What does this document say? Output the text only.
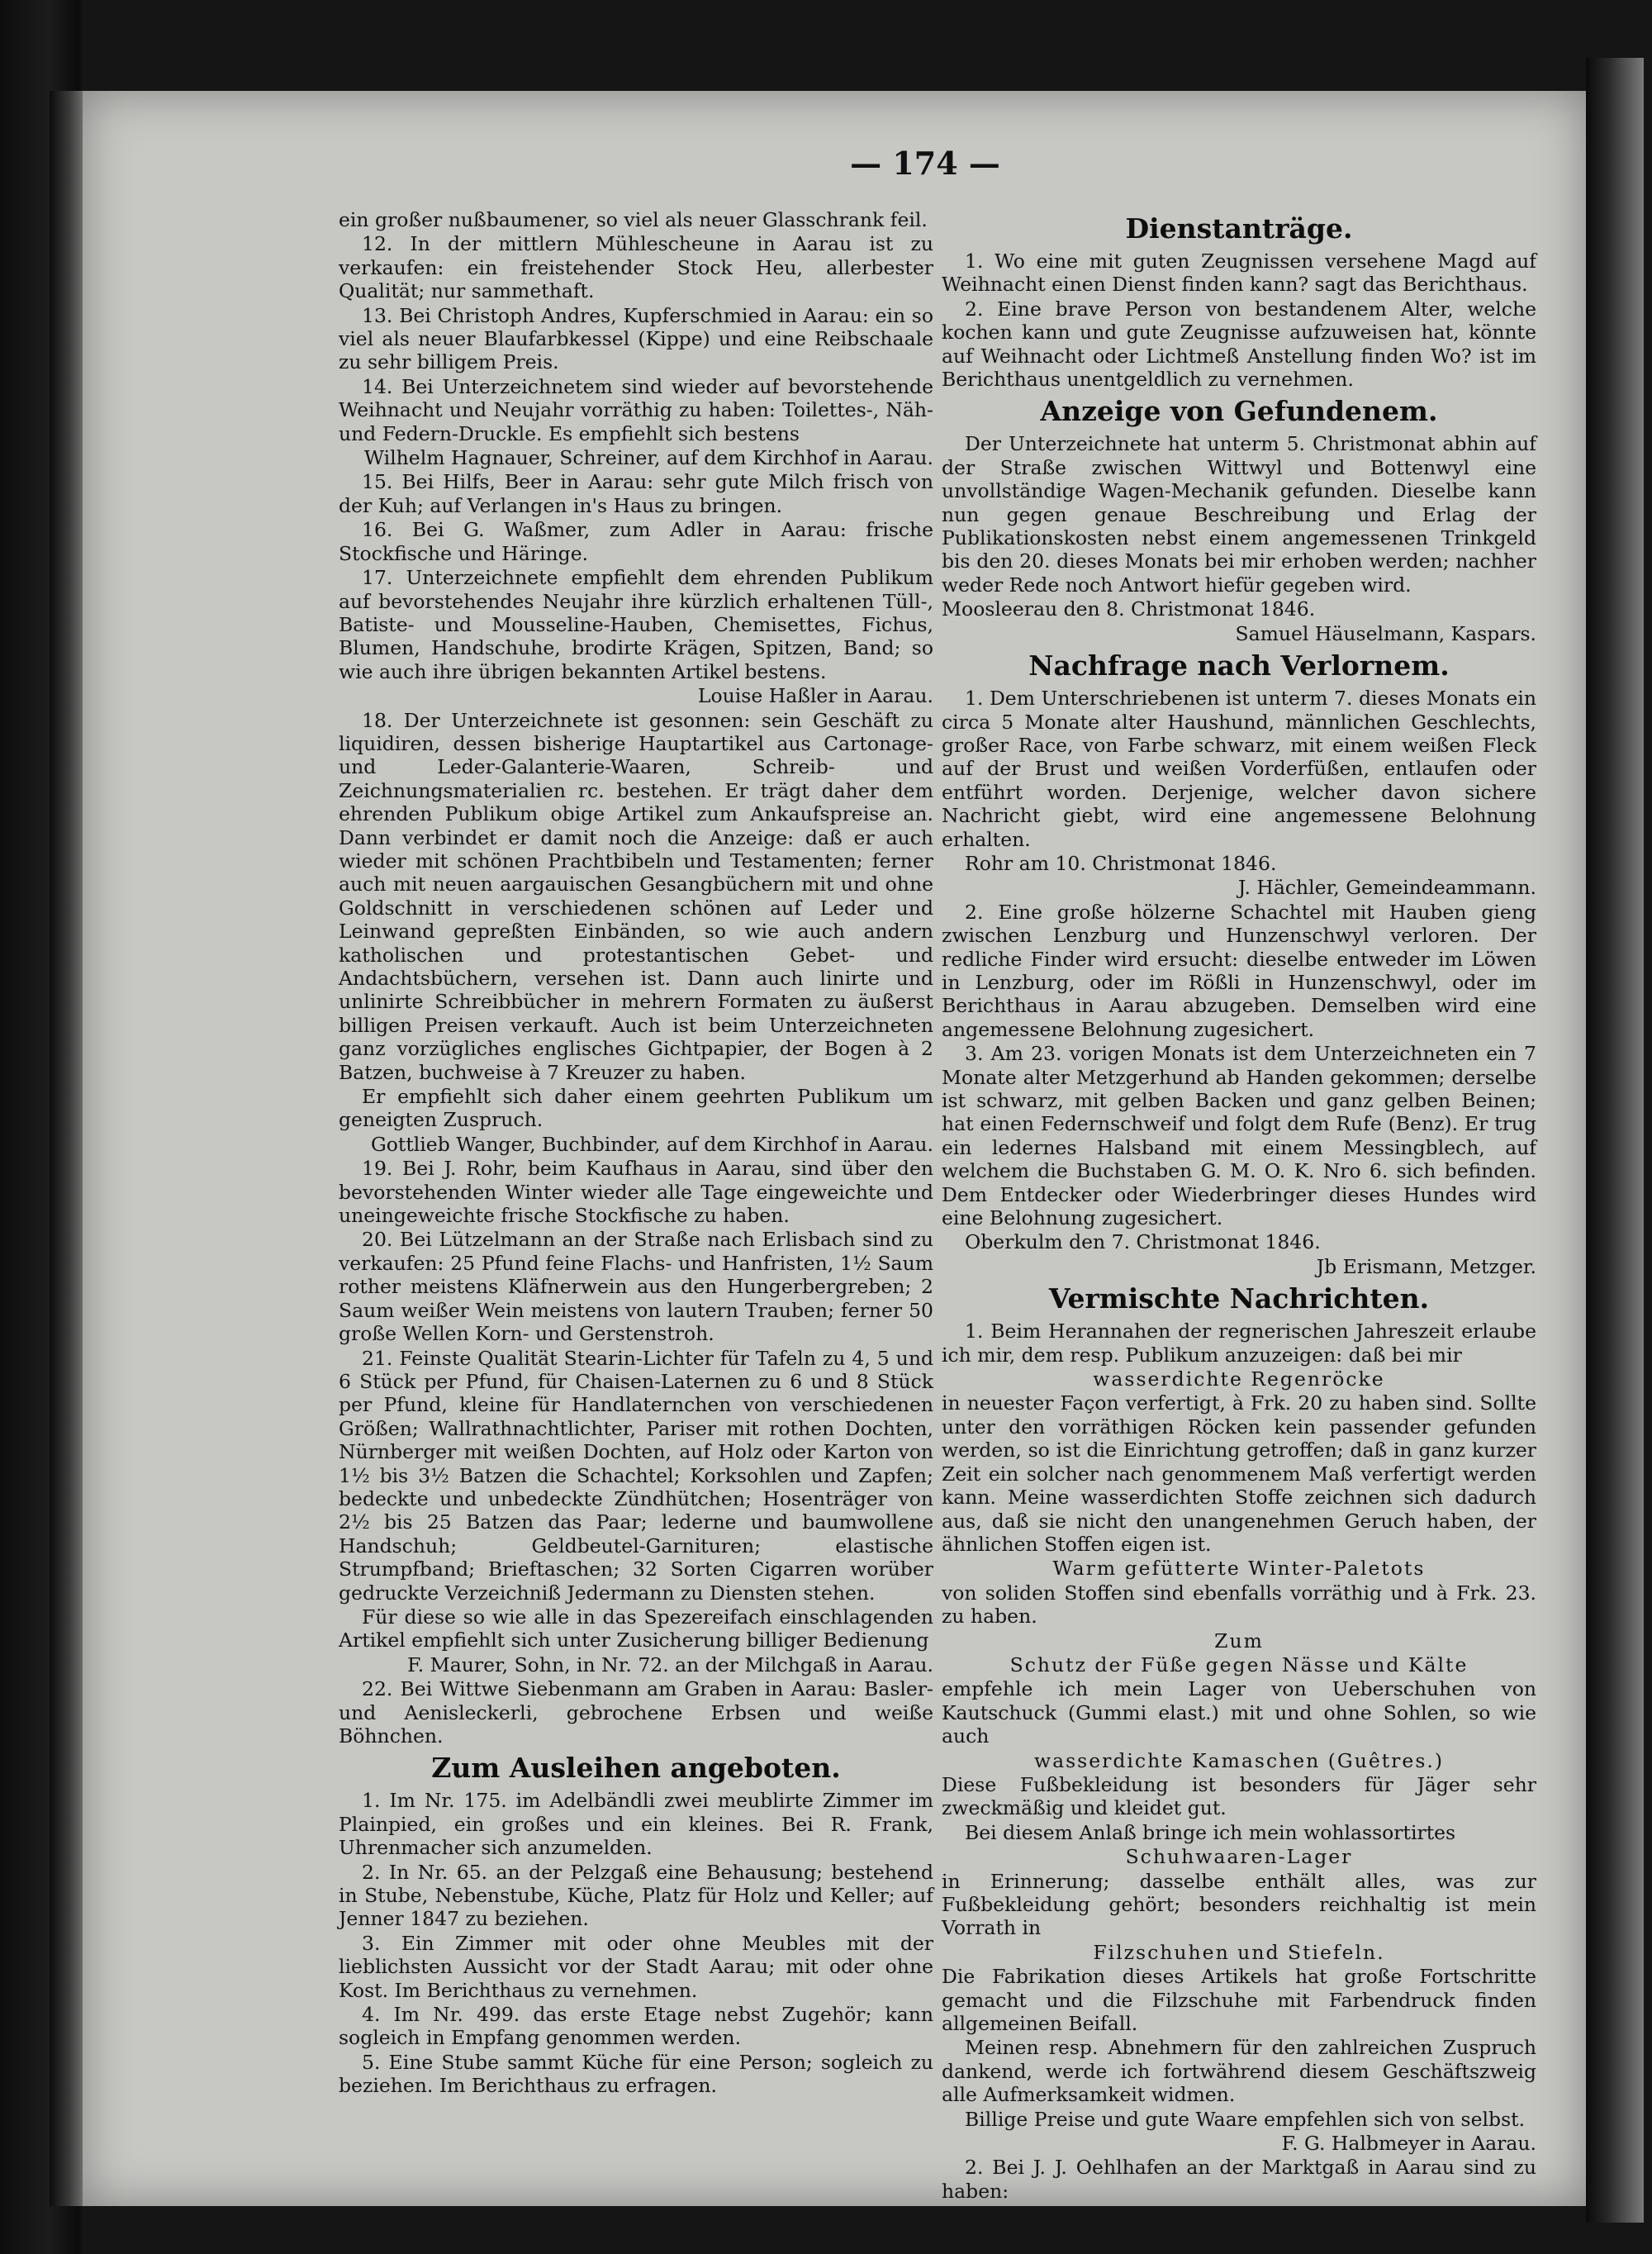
— 174 —

ein großer nußbaumener, so viel als neuer Glasschrank feil.

12. In der mittlern Mühlescheune in Aarau ist zu verkaufen: ein freistehender Stock Heu, allerbester Qualität; nur sammethaft.

13. Bei Christoph Andres, Kupferschmied in Aarau: ein so viel als neuer Blaufarbkessel (Kippe) und eine Reibschaale zu sehr billigem Preis.

14. Bei Unterzeichnetem sind wieder auf bevorstehende Weihnacht und Neujahr vorräthig zu haben: Toilettes-, Näh- und Federn-Druckle. Es empfiehlt sich bestens

Wilhelm Hagnauer, Schreiner, auf dem Kirchhof in Aarau.

15. Bei Hilfs, Beer in Aarau: sehr gute Milch frisch von der Kuh; auf Verlangen in's Haus zu bringen.

16. Bei G. Waßmer, zum Adler in Aarau: frische Stockfische und Häringe.

17. Unterzeichnete empfiehlt dem ehrenden Publikum auf bevorstehendes Neujahr ihre kürzlich erhaltenen Tüll-, Batiste- und Mousseline-Hauben, Chemisettes, Fichus, Blumen, Handschuhe, brodirte Krägen, Spitzen, Band; so wie auch ihre übrigen bekannten Artikel bestens.

Louise Haßler in Aarau.

18. Der Unterzeichnete ist gesonnen: sein Geschäft zu liquidiren, dessen bisherige Hauptartikel aus Cartonage- und Leder-Galanterie-Waaren, Schreib- und Zeichnungsmaterialien rc. bestehen. Er trägt daher dem ehrenden Publikum obige Artikel zum Ankaufspreise an. Dann verbindet er damit noch die Anzeige: daß er auch wieder mit schönen Prachtbibeln und Testamenten; ferner auch mit neuen aargauischen Gesangbüchern mit und ohne Goldschnitt in verschiedenen schönen auf Leder und Leinwand gepreßten Einbänden, so wie auch andern katholischen und protestantischen Gebet- und Andachtsbüchern, versehen ist. Dann auch linirte und unlinirte Schreibbücher in mehrern Formaten zu äußerst billigen Preisen verkauft. Auch ist beim Unterzeichneten ganz vorzügliches englisches Gichtpapier, der Bogen à 2 Batzen, buchweise à 7 Kreuzer zu haben.

Er empfiehlt sich daher einem geehrten Publikum um geneigten Zuspruch.

Gottlieb Wanger, Buchbinder, auf dem Kirchhof in Aarau.

19. Bei J. Rohr, beim Kaufhaus in Aarau, sind über den bevorstehenden Winter wieder alle Tage eingeweichte und uneingeweichte frische Stockfische zu haben.

20. Bei Lützelmann an der Straße nach Erlisbach sind zu verkaufen: 25 Pfund feine Flachs- und Hanfristen, 1½ Saum rother meistens Kläfnerwein aus den Hungerbergreben; 2 Saum weißer Wein meistens von lautern Trauben; ferner 50 große Wellen Korn- und Gerstenstroh.

21. Feinste Qualität Stearin-Lichter für Tafeln zu 4, 5 und 6 Stück per Pfund, für Chaisen-Laternen zu 6 und 8 Stück per Pfund, kleine für Handlaternchen von verschiedenen Größen; Wallrathnachtlichter, Pariser mit rothen Dochten, Nürnberger mit weißen Dochten, auf Holz oder Karton von 1½ bis 3½ Batzen die Schachtel; Korksohlen und Zapfen; bedeckte und unbedeckte Zündhütchen; Hosenträger von 2½ bis 25 Batzen das Paar; lederne und baumwollene Handschuh; Geldbeutel-Garnituren; elastische Strumpfband; Brieftaschen; 32 Sorten Cigarren worüber gedruckte Verzeichniß Jedermann zu Diensten stehen.

Für diese so wie alle in das Spezereifach einschlagenden Artikel empfiehlt sich unter Zusicherung billiger Bedienung

F. Maurer, Sohn, in Nr. 72. an der Milchgaß in Aarau.

22. Bei Wittwe Siebenmann am Graben in Aarau: Basler- und Aenisleckerli, gebrochene Erbsen und weiße Böhnchen.

Zum Ausleihen angeboten.

1. Im Nr. 175. im Adelbändli zwei meublirte Zimmer im Plainpied, ein großes und ein kleines. Bei R. Frank, Uhrenmacher sich anzumelden.

2. In Nr. 65. an der Pelzgaß eine Behausung; bestehend in Stube, Nebenstube, Küche, Platz für Holz und Keller; auf Jenner 1847 zu beziehen.

3. Ein Zimmer mit oder ohne Meubles mit der lieblichsten Aussicht vor der Stadt Aarau; mit oder ohne Kost. Im Berichthaus zu vernehmen.

4. Im Nr. 499. das erste Etage nebst Zugehör; kann sogleich in Empfang genommen werden.

5. Eine Stube sammt Küche für eine Person; sogleich zu beziehen. Im Berichthaus zu erfragen.

Dienstanträge.

1. Wo eine mit guten Zeugnissen versehene Magd auf Weihnacht einen Dienst finden kann? sagt das Berichthaus.

2. Eine brave Person von bestandenem Alter, welche kochen kann und gute Zeugnisse aufzuweisen hat, könnte auf Weihnacht oder Lichtmeß Anstellung finden Wo? ist im Berichthaus unentgeldlich zu vernehmen.

Anzeige von Gefundenem.

Der Unterzeichnete hat unterm 5. Christmonat abhin auf der Straße zwischen Wittwyl und Bottenwyl eine unvollständige Wagen-Mechanik gefunden. Dieselbe kann nun gegen genaue Beschreibung und Erlag der Publikationskosten nebst einem angemessenen Trinkgeld bis den 20. dieses Monats bei mir erhoben werden; nachher weder Rede noch Antwort hiefür gegeben wird.

Moosleerau den 8. Christmonat 1846.

Samuel Häuselmann, Kaspars.

Nachfrage nach Verlornem.

1. Dem Unterschriebenen ist unterm 7. dieses Monats ein circa 5 Monate alter Haushund, männlichen Geschlechts, großer Race, von Farbe schwarz, mit einem weißen Fleck auf der Brust und weißen Vorderfüßen, entlaufen oder entführt worden. Derjenige, welcher davon sichere Nachricht giebt, wird eine angemessene Belohnung erhalten.

Rohr am 10. Christmonat 1846.

J. Hächler, Gemeindeammann.

2. Eine große hölzerne Schachtel mit Hauben gieng zwischen Lenzburg und Hunzenschwyl verloren. Der redliche Finder wird ersucht: dieselbe entweder im Löwen in Lenzburg, oder im Rößli in Hunzenschwyl, oder im Berichthaus in Aarau abzugeben. Demselben wird eine angemessene Belohnung zugesichert.

3. Am 23. vorigen Monats ist dem Unterzeichneten ein 7 Monate alter Metzgerhund ab Handen gekommen; derselbe ist schwarz, mit gelben Backen und ganz gelben Beinen; hat einen Federnschweif und folgt dem Rufe (Benz). Er trug ein ledernes Halsband mit einem Messingblech, auf welchem die Buchstaben G. M. O. K. Nro 6. sich befinden. Dem Entdecker oder Wiederbringer dieses Hundes wird eine Belohnung zugesichert.

Oberkulm den 7. Christmonat 1846.

Jb Erismann, Metzger.

Vermischte Nachrichten.

1. Beim Herannahen der regnerischen Jahreszeit erlaube ich mir, dem resp. Publikum anzuzeigen: daß bei mir

wasserdichte Regenröcke

in neuester Façon verfertigt, à Frk. 20 zu haben sind. Sollte unter den vorräthigen Röcken kein passender gefunden werden, so ist die Einrichtung getroffen; daß in ganz kurzer Zeit ein solcher nach genommenem Maß verfertigt werden kann. Meine wasserdichten Stoffe zeichnen sich dadurch aus, daß sie nicht den unangenehmen Geruch haben, der ähnlichen Stoffen eigen ist.

Warm gefütterte Winter-Paletots

von soliden Stoffen sind ebenfalls vorräthig und à Frk. 23. zu haben.

Zum

Schutz der Füße gegen Nässe und Kälte

empfehle ich mein Lager von Ueberschuhen von Kautschuck (Gummi elast.) mit und ohne Sohlen, so wie auch

wasserdichte Kamaschen (Guêtres.)

Diese Fußbekleidung ist besonders für Jäger sehr zweckmäßig und kleidet gut.

Bei diesem Anlaß bringe ich mein wohlassortirtes

Schuhwaaren-Lager

in Erinnerung; dasselbe enthält alles, was zur Fußbekleidung gehört; besonders reichhaltig ist mein Vorrath in

Filzschuhen und Stiefeln.

Die Fabrikation dieses Artikels hat große Fortschritte gemacht und die Filzschuhe mit Farbendruck finden allgemeinen Beifall.

Meinen resp. Abnehmern für den zahlreichen Zuspruch dankend, werde ich fortwährend diesem Geschäftszweig alle Aufmerksamkeit widmen.

Billige Preise und gute Waare empfehlen sich von selbst.

F. G. Halbmeyer in Aarau.

2. Bei J. J. Oehlhafen an der Marktgaß in Aarau sind zu haben:
